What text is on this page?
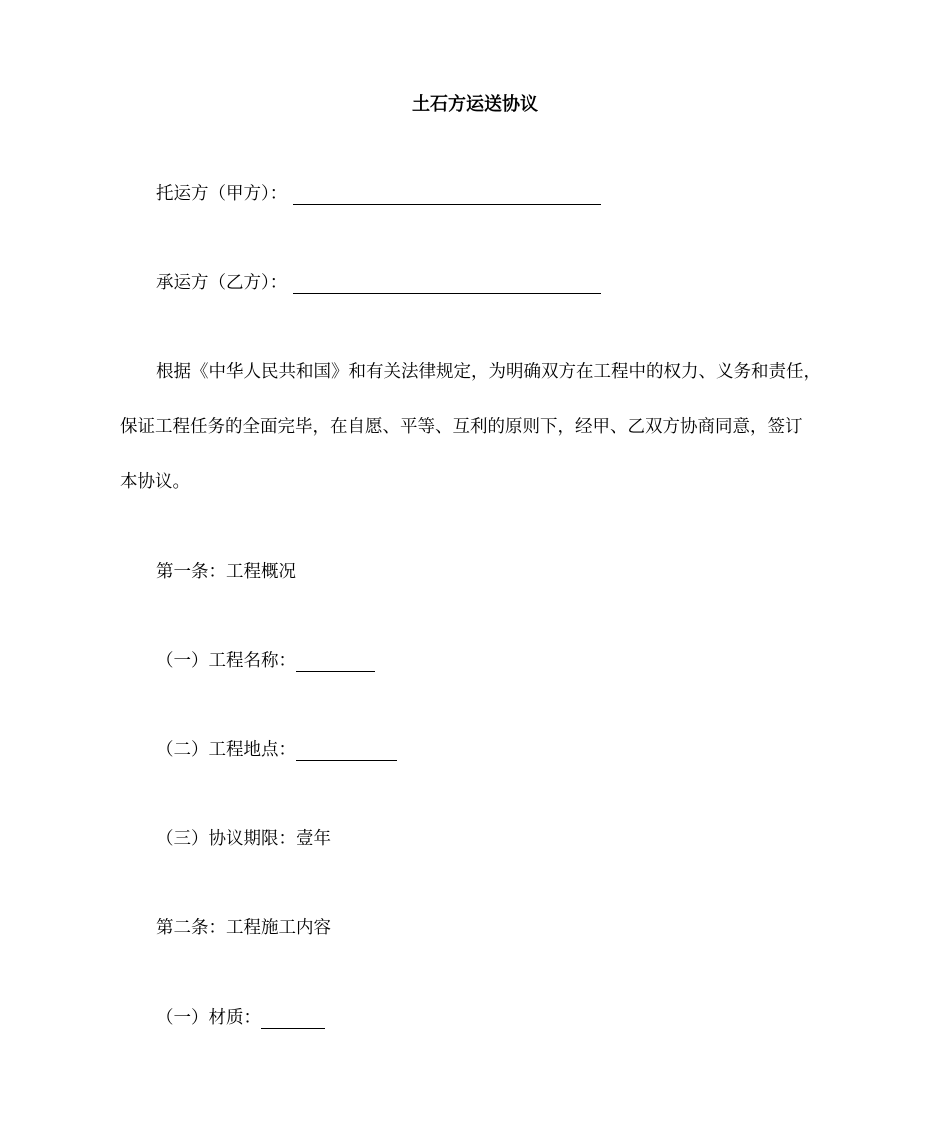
土石方运送协议
托运方（甲方）：
承运方（乙方）：
根据《中华人民共和国》和有关法律规定，为明确双方在工程中的权力、义务和责任，
保证工程任务的全面完毕，在自愿、平等、互利的原则下，经甲、乙双方协商同意，签订
本协议。
第一条：工程概况
（一）工程名称：
（二）工程地点：
（三）协议期限：壹年
第二条：工程施工内容
（一）材质：
